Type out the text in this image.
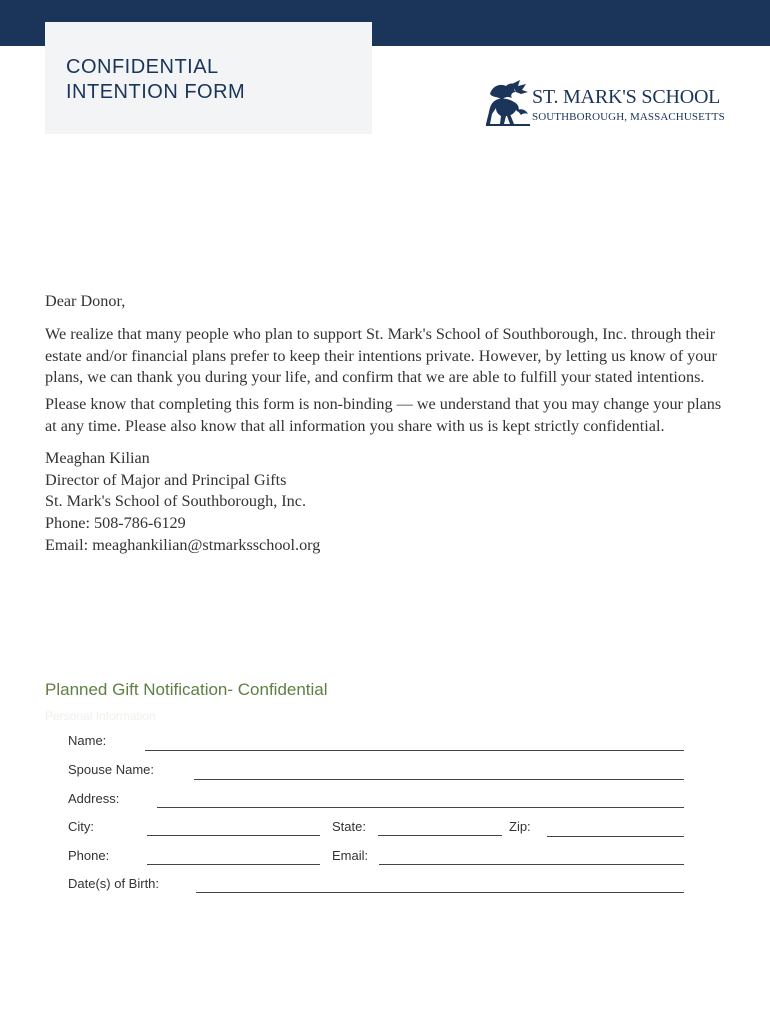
CONFIDENTIAL
INTENTION FORM	ST. MARK'S SCHOOL
SOUTHBOROUGH, MASSACHUSETTS

Dear Donor,

We realize that many people who plan to support St. Mark's School of Southborough, Inc. through their estate and/or financial plans prefer to keep their intentions private. However, by letting us know of your plans, we can thank you during your life, and confirm that we are able to fulfill your stated intentions.

Please know that completing this form is non-binding — we understand that you may change your plans at any time. Please also know that all information you share with us is kept strictly confidential.

Meaghan Kilian
Director of Major and Principal Gifts
St. Mark's School of Southborough, Inc.
Phone: 508-786-6129
Email: meaghankilian@stmarksschool.org
Planned Gift Notification- Confidential
Personal Information
Name:
Spouse Name:
Address:
City:	State:	Zip:
Phone:	Email:
Date(s) of Birth:
